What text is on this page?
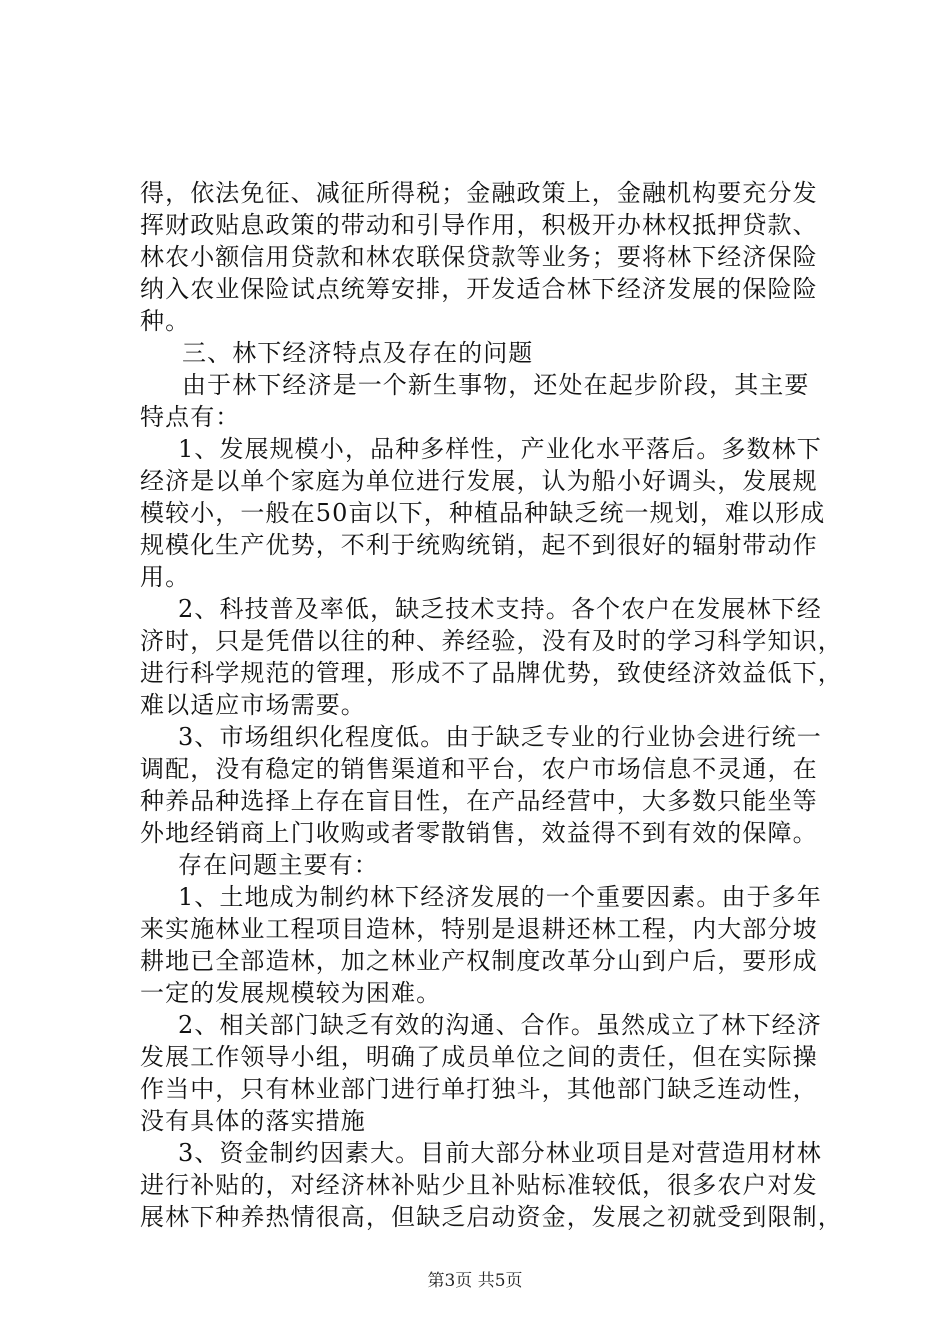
得，依法免征、减征所得税；金融政策上，金融机构要充分发
挥财政贴息政策的带动和引导作用，积极开办林权抵押贷款、
林农小额信用贷款和林农联保贷款等业务；要将林下经济保险
纳入农业保险试点统筹安排，开发适合林下经济发展的保险险
种。
三、林下经济特点及存在的问题
由于林下经济是一个新生事物，还处在起步阶段，其主要
特点有：
1、发展规模小，品种多样性，产业化水平落后。多数林下
经济是以单个家庭为单位进行发展，认为船小好调头，发展规
模较小，一般在50亩以下，种植品种缺乏统一规划，难以形成
规模化生产优势，不利于统购统销，起不到很好的辐射带动作
用。
2、科技普及率低，缺乏技术支持。各个农户在发展林下经
济时，只是凭借以往的种、养经验，没有及时的学习科学知识，
进行科学规范的管理，形成不了品牌优势，致使经济效益低下，
难以适应市场需要。
3、市场组织化程度低。由于缺乏专业的行业协会进行统一
调配，没有稳定的销售渠道和平台，农户市场信息不灵通，在
种养品种选择上存在盲目性，在产品经营中，大多数只能坐等
外地经销商上门收购或者零散销售，效益得不到有效的保障。
存在问题主要有：
1、土地成为制约林下经济发展的一个重要因素。由于多年
来实施林业工程项目造林，特别是退耕还林工程，内大部分坡
耕地已全部造林，加之林业产权制度改革分山到户后，要形成
一定的发展规模较为困难。
2、相关部门缺乏有效的沟通、合作。虽然成立了林下经济
发展工作领导小组，明确了成员单位之间的责任，但在实际操
作当中，只有林业部门进行单打独斗，其他部门缺乏连动性，
没有具体的落实措施
3、资金制约因素大。目前大部分林业项目是对营造用材林
进行补贴的，对经济林补贴少且补贴标准较低，很多农户对发
展林下种养热情很高，但缺乏启动资金，发展之初就受到限制，
第3页 共5页
